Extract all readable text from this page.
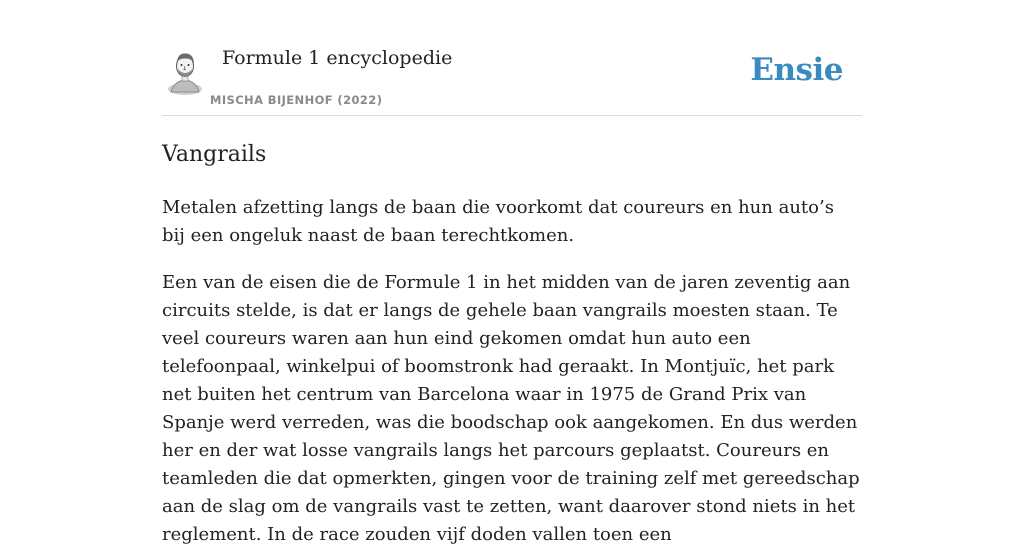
Formule 1 encyclopedie
MISCHA BIJENHOF (2022)
Ensie
Vangrails

Metalen afzetting langs de baan die voorkomt dat coureurs en hun auto’s bij een ongeluk naast de baan terechtkomen.

Een van de eisen die de Formule 1 in het midden van de jaren zeventig aan circuits stelde, is dat er langs de gehele baan vangrails moesten staan. Te veel coureurs waren aan hun eind gekomen omdat hun auto een telefoonpaal, winkelpui of boomstronk had geraakt. In Montjuïc, het park net buiten het centrum van Barcelona waar in 1975 de Grand Prix van Spanje werd verreden, was die boodschap ook aangekomen. En dus werden her en der wat losse vangrails langs het parcours geplaatst. Coureurs en teamleden die dat opmerkten, gingen voor de training zelf met gereedschap aan de slag om de vangrails vast te zetten, want daarover stond niets in het reglement. In de race zouden vijf doden vallen toen een
